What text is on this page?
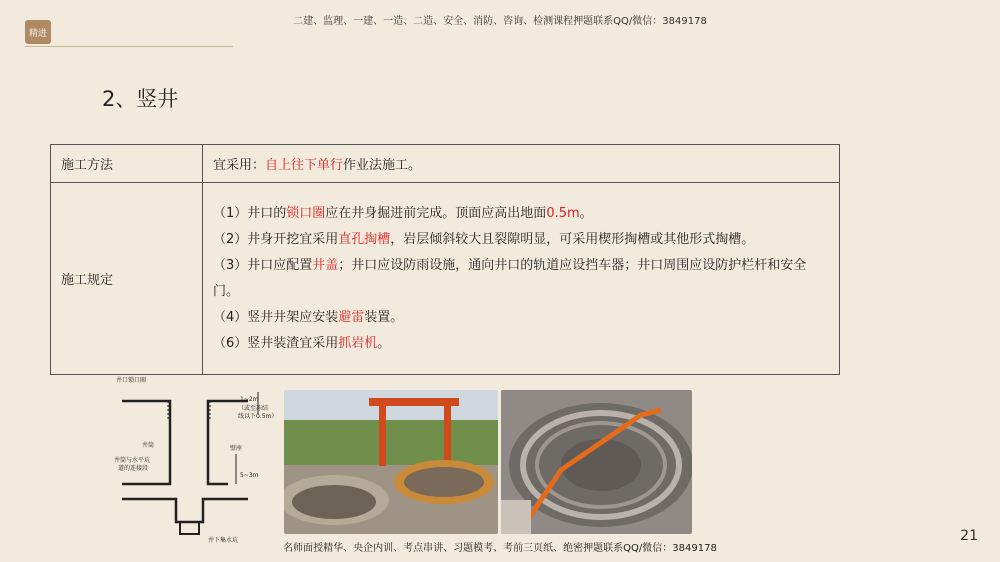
精进
二建、监理、一建、一造、二造、安全、消防、咨询、检测课程押题联系QQ/微信：3849178
2、竖井
施工方法	宜采用：自上往下单行作业法施工。
施工规定	（1）井口的锁口圈应在井身掘进前完成。顶面应高出地面0.5m。
（2）井身开挖宜采用直孔掏槽，岩层倾斜较大且裂隙明显，可采用楔形掏槽或其他形式掏槽。
（3）井口应配置井盖；井口应设防雨设施，通向井口的轨道应设挡车器；井口周围应设防护栏杆和安全门。
（4）竖井井架应安装避雷装置。
（6）竖井装渣宜采用抓岩机。
井口锁口圈
1~2m
（或至冻结
线以下0.5m）
井筒
井筒与水平坑
道的连接段
壁座
5~3m
井下集水坑
名师面授精华、央企内训、考点串讲、习题模考、考前三页纸、绝密押题联系QQ/微信：3849178
21
